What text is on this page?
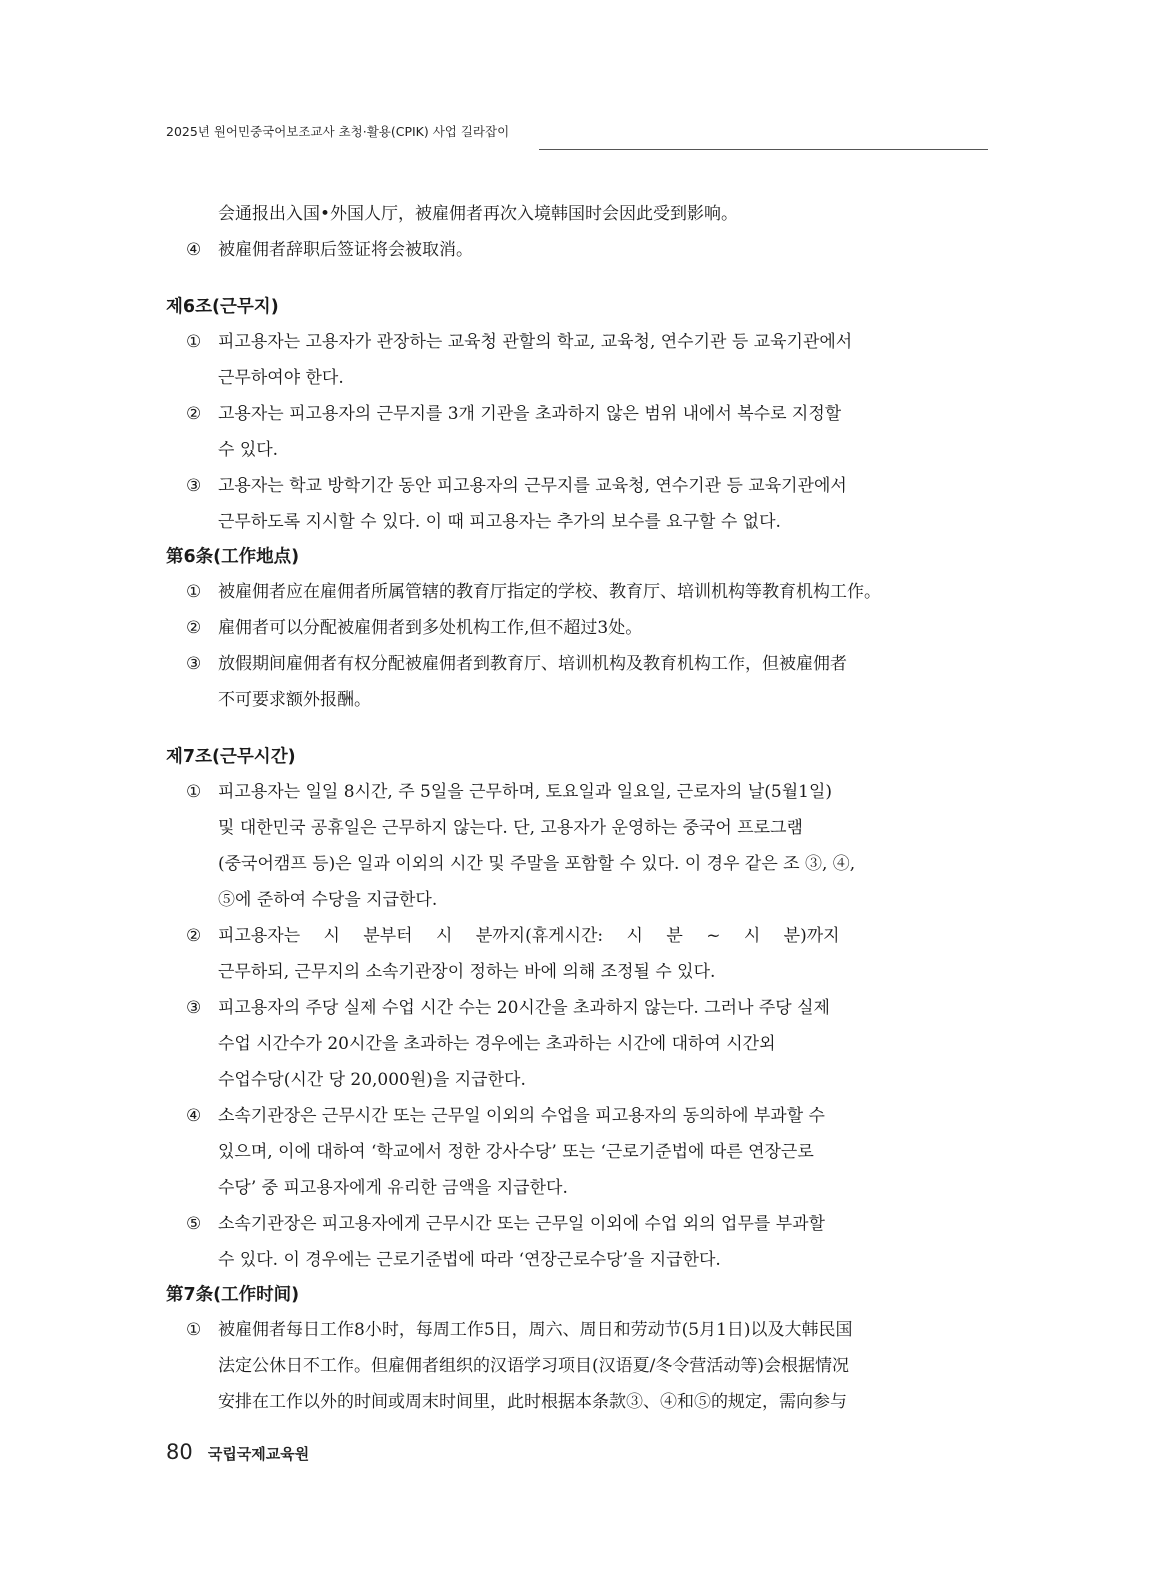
2025년 원어민중국어보조교사 초청·활용(CPIK) 사업 길라잡이
会通报出入国•外国人厅，被雇佣者再次入境韩国时会因此受到影响。
④ 被雇佣者辞职后签证将会被取消。
제6조(근무지)
① 피고용자는 고용자가 관장하는 교육청 관할의 학교, 교육청, 연수기관 등 교육기관에서
근무하여야 한다.
② 고용자는 피고용자의 근무지를 3개 기관을 초과하지 않은 범위 내에서 복수로 지정할
수 있다.
③ 고용자는 학교 방학기간 동안 피고용자의 근무지를 교육청, 연수기관 등 교육기관에서
근무하도록 지시할 수 있다. 이 때 피고용자는 추가의 보수를 요구할 수 없다.
第6条(工作地点)
① 被雇佣者应在雇佣者所属管辖的教育厅指定的学校、教育厅、培训机构等教育机构工作。
② 雇佣者可以分配被雇佣者到多处机构工作,但不超过3处。
③ 放假期间雇佣者有权分配被雇佣者到教育厅、培训机构及教育机构工作，但被雇佣者
不可要求额外报酬。
제7조(근무시간)
① 피고용자는 일일 8시간, 주 5일을 근무하며, 토요일과 일요일, 근로자의 날(5월1일)
및 대한민국 공휴일은 근무하지 않는다. 단, 고용자가 운영하는 중국어 프로그램
(중국어캠프 등)은 일과 이외의 시간 및 주말을 포함할 수 있다. 이 경우 같은 조 ③, ④,
⑤에 준하여 수당을 지급한다.
② 피고용자는 시 분부터 시 분까지(휴게시간: 시 분 ~ 시 분)까지
근무하되, 근무지의 소속기관장이 정하는 바에 의해 조정될 수 있다.
③ 피고용자의 주당 실제 수업 시간 수는 20시간을 초과하지 않는다. 그러나 주당 실제
수업 시간수가 20시간을 초과하는 경우에는 초과하는 시간에 대하여 시간외
수업수당(시간 당 20,000원)을 지급한다.
④ 소속기관장은 근무시간 또는 근무일 이외의 수업을 피고용자의 동의하에 부과할 수
있으며, 이에 대하여 ‘학교에서 정한 강사수당’ 또는 ‘근로기준법에 따른 연장근로
수당’ 중 피고용자에게 유리한 금액을 지급한다.
⑤ 소속기관장은 피고용자에게 근무시간 또는 근무일 이외에 수업 외의 업무를 부과할
수 있다. 이 경우에는 근로기준법에 따라 ‘연장근로수당’을 지급한다.
第7条(工作时间)
① 被雇佣者每日工作8小时，每周工作5日，周六、周日和劳动节(5月1日)以及大韩民国
法定公休日不工作。但雇佣者组织的汉语学习项目(汉语夏/冬令营活动等)会根据情况
安排在工作以外的时间或周末时间里，此时根据本条款③、④和⑤的规定，需向参与
80 국립국제교육원
